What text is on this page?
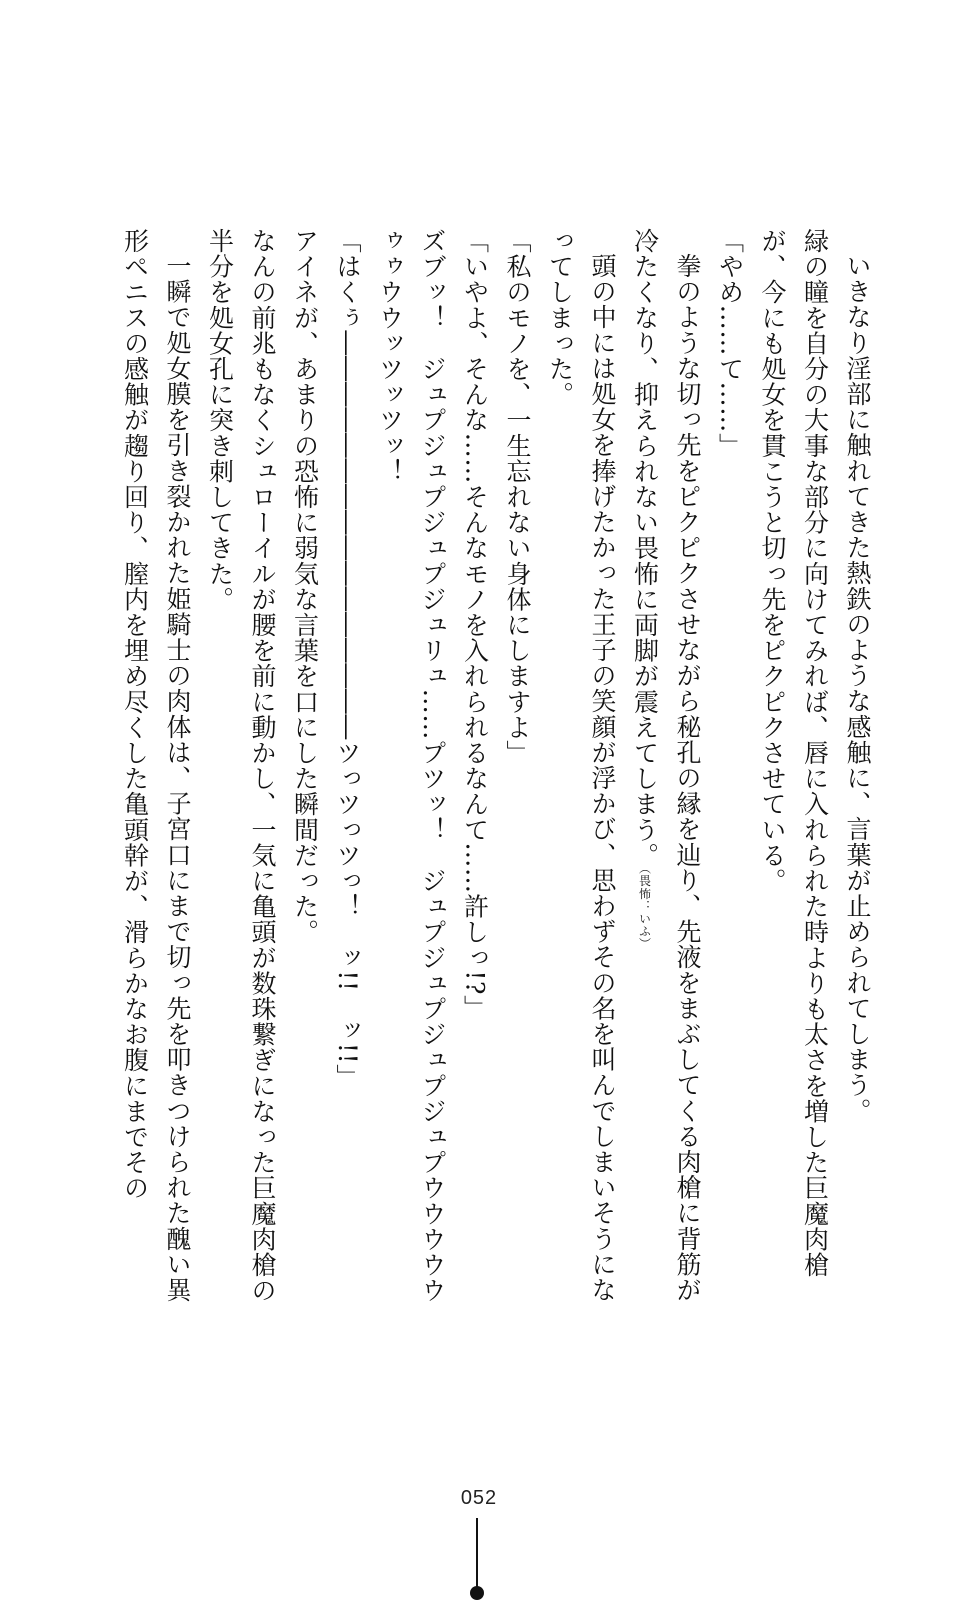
いきなり淫部に触れてきた熱鉄のような感触に、言葉が止められてしまう。

緑の瞳を自分の大事な部分に向けてみれば、唇に入れられた時よりも太さを増した巨魔肉槍が、今にも処女を貫こうと切っ先をピクピクさせている。

「やめ……て……」

拳のような切っ先をピクピクさせながら秘孔の縁を辿り、先液をまぶしてくる肉槍に背筋が冷たくなり、抑えられない畏怖に両脚が震えてしまう。（畏怖：いふ）

頭の中には処女を捧げたかった王子の笑顔が浮かび、思わずその名を叫んでしまいそうになってしまった。

「私のモノを、一生忘れない身体にしますよ」

「いやよ、そんな……そんなモノを入れられるなんて……許しっ!?」

ズブッ！　ジュプジュプジュプジュリュ……プツッ！　ジュプジュプジュプジュプウウウウウゥゥウウッツッツッ！

「はくぅ――――――――――――――――ツっツっツっ！　ッ!!　ッ!!」

アイネが、あまりの恐怖に弱気な言葉を口にした瞬間だった。

なんの前兆もなくシュローイルが腰を前に動かし、一気に亀頭が数珠繋ぎになった巨魔肉槍の半分を処女孔に突き刺してきた。

一瞬で処女膜を引き裂かれた姫騎士の肉体は、子宮口にまで切っ先を叩きつけられた醜い異形ペニスの感触が趨り回り、膣内を埋め尽くした亀頭幹が、滑らかなお腹にまでその

052
